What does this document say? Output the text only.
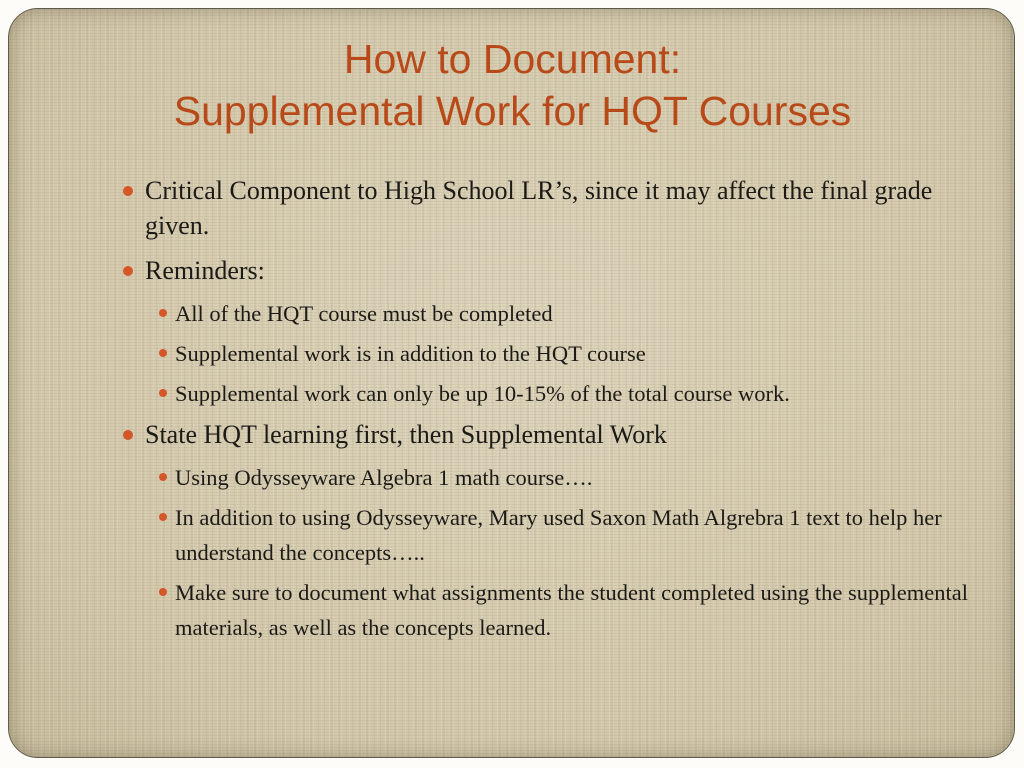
How to Document:
Supplemental Work for HQT Courses
Critical Component to High School LR’s, since it may affect the final grade given.
Reminders:
All of the HQT course must be completed
Supplemental work is in addition to the HQT course
Supplemental work can only be up 10-15% of the total course work.
State HQT learning first, then Supplemental Work
Using Odysseyware Algebra 1 math course….
In addition to using Odysseyware, Mary used Saxon Math Algrebra 1 text to help her understand the concepts…..
Make sure to document what assignments the student completed using the supplemental materials, as well as the concepts learned.
